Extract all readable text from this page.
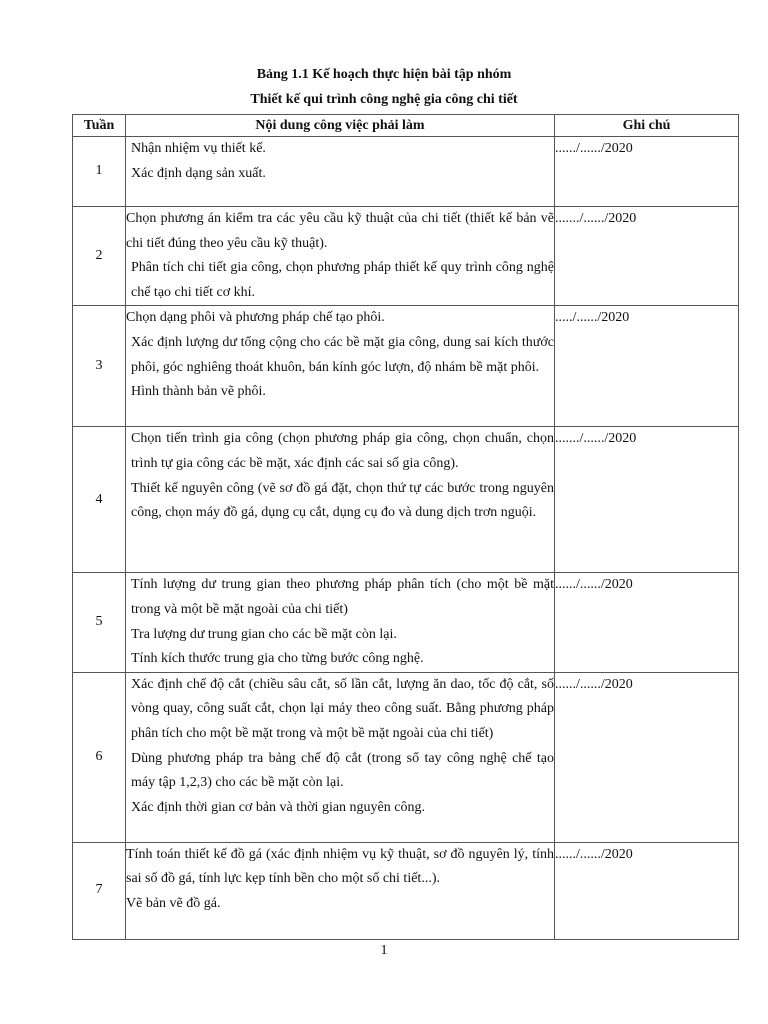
Bảng 1.1 Kế hoạch thực hiện bài tập nhóm
Thiết kế qui trình công nghệ gia công chi tiết
Tuần	Nội dung công việc phải làm	Ghi chú
1	Nhận nhiệm vụ thiết kế.
Xác định dạng sản xuất.	....../....../2020
2	Chọn phương án kiểm tra các yêu cầu kỹ thuật của chi tiết (thiết kế bản vẽ chi tiết đúng theo yêu cầu kỹ thuật).
Phân tích chi tiết gia công, chọn phương pháp thiết kế quy trình công nghệ chế tạo chi tiết cơ khí.	......./....../2020
3	Chọn dạng phôi và phương pháp chế tạo phôi.
Xác định lượng dư tổng cộng cho các bề mặt gia công, dung sai kích thước phôi, góc nghiêng thoát khuôn, bán kính góc lượn, độ nhám bề mặt phôi.
Hình thành bản vẽ phôi.	...../....../2020
4	Chọn tiến trình gia công (chọn phương pháp gia công, chọn chuẩn, chọn trình tự gia công các bề mặt, xác định các sai số gia công).
Thiết kế nguyên công (vẽ sơ đồ gá đặt, chọn thứ tự các bước trong nguyên công, chọn máy đồ gá, dụng cụ cắt, dụng cụ đo và dung dịch trơn nguội.	......./....../2020
5	Tính lượng dư trung gian theo phương pháp phân tích (cho một bề mặt trong và một bề mặt ngoài của chi tiết)
Tra lượng dư trung gian cho các bề mặt còn lại.
Tính kích thước trung gia cho từng bước công nghệ.	....../....../2020
6	Xác định chế độ cắt (chiều sâu cắt, số lần cắt, lượng ăn dao, tốc độ cắt, số vòng quay, công suất cắt, chọn lại máy theo công suất. Bằng phương pháp phân tích cho một bề mặt trong và một bề mặt ngoài của chi tiết)
Dùng phương pháp tra bảng chế độ cắt (trong sổ tay công nghệ chế tạo máy tập 1,2,3) cho các bề mặt còn lại.
Xác định thời gian cơ bản và thời gian nguyên công.	....../....../2020
7	Tính toán thiết kế đồ gá (xác định nhiệm vụ kỹ thuật, sơ đồ nguyên lý, tính sai số đồ gá, tính lực kẹp tính bền cho một số chi tiết...).
Vẽ bản vẽ đồ gá.	....../....../2020
1
